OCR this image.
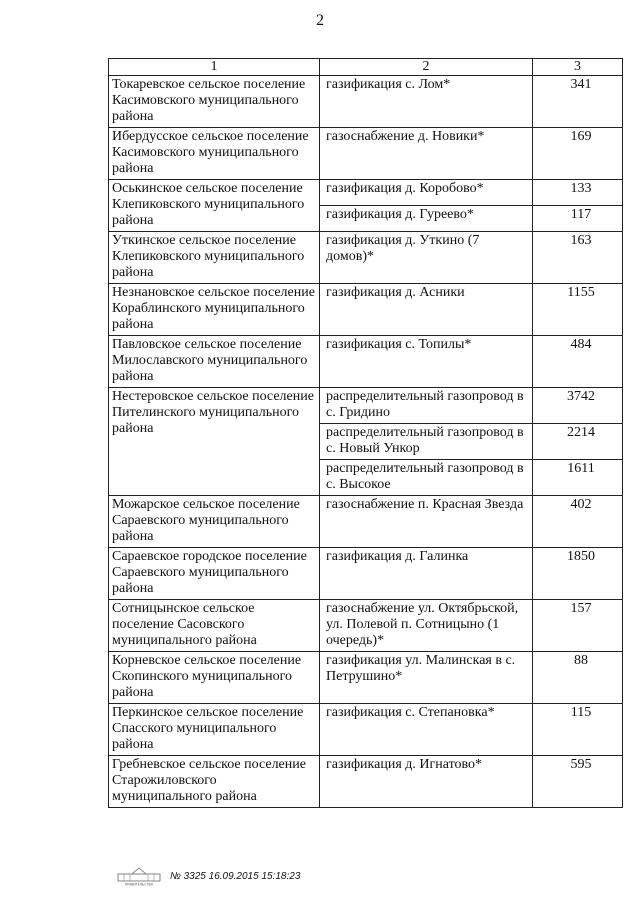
2
1	2	3
Токаревское сельское поселение Касимовского муниципального района	газификация с. Лом*	341
Ибердусское сельское поселение Касимовского муниципального района	газоснабжение д. Новики*	169
Оськинское сельское поселение Клепиковского муниципального района	газификация д. Коробово*	133
	газификация д. Гуреево*	117
Уткинское сельское поселение Клепиковского муниципального района	газификация д. Уткино (7 домов)*	163
Незнановское сельское поселение Кораблинского муниципального района	газификация д. Асники	1155
Павловское сельское поселение Милославского муниципального района	газификация с. Топилы*	484
Нестеровское сельское поселение Пителинского муниципального района	распределительный газопровод в с. Гридино	3742
	распределительный газопровод в с. Новый Ункор	2214
	распределительный газопровод в с. Высокое	1611
Можарское сельское поселение Сараевского муниципального района	газоснабжение п. Красная Звезда	402
Сараевское городское поселение Сараевского муниципального района	газификация д. Галинка	1850
Сотницынское сельское поселение Сасовского муниципального района	газоснабжение ул. Октябрьской, ул. Полевой п. Сотницыно (1 очередь)*	157
Корневское сельское поселение Скопинского муниципального района	газификация ул. Малинская в с. Петрушино*	88
Перкинское сельское поселение Спасского муниципального района	газификация с. Степановка*	115
Гребневское сельское поселение Старожиловского муниципального района	газификация д. Игнатово*	595
ПРАВИТЕЛЬСТВО
№ 3325 16.09.2015 15:18:23
